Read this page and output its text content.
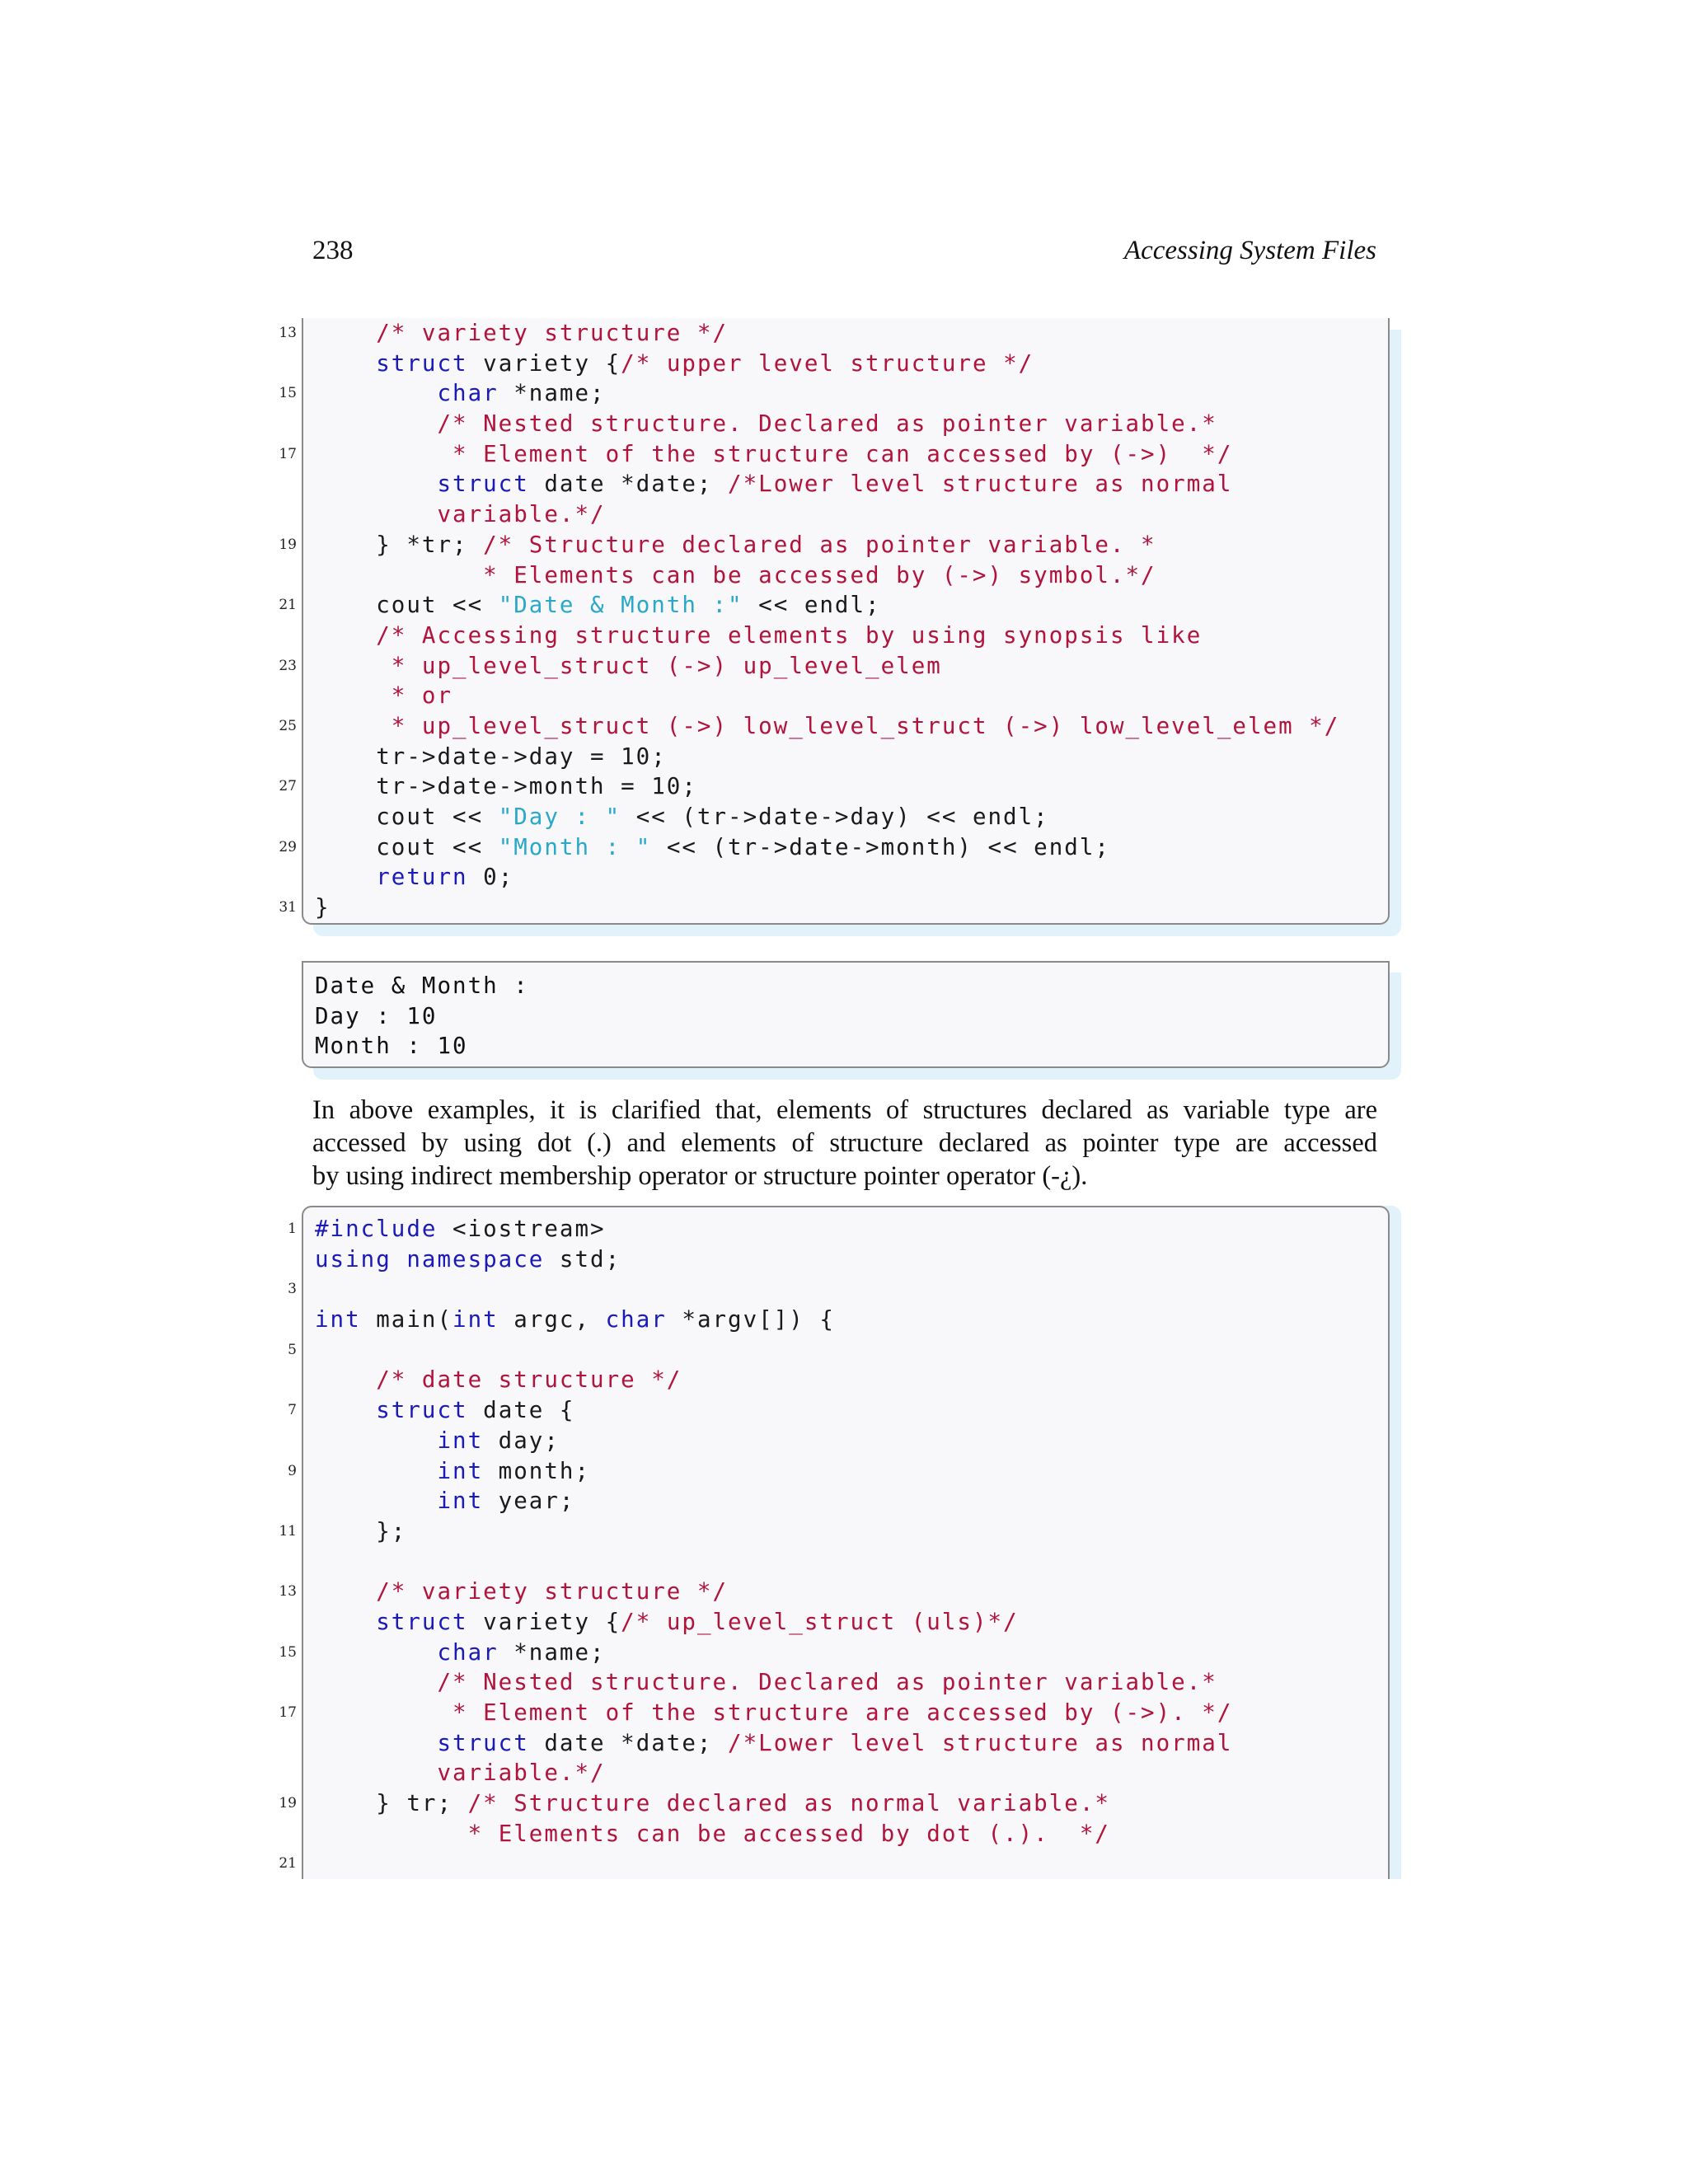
238	Accessing System Files
13	/* variety structure */
struct variety {/* upper level structure */
15	char *name;
/* Nested structure. Declared as pointer variable.*
17	* Element of the structure can accessed by (->)  */
struct date *date; /*Lower level structure as normal
variable.*/
19 } *tr; /* Structure declared as pointer variable. *
* Elements can be accessed by (->) symbol.*/
21 cout << "Date & Month :" << endl;
/* Accessing structure elements by using synopsis like
23	* up_level_struct (->) up_level_elem
* or
25	* up_level_struct (->) low_level_struct (->) low_level_elem */
tr->date->day = 10;
27 tr->date->month = 10;
cout << "Day : " << (tr->date->day) << endl;
29 cout << "Month : " << (tr->date->month) << endl;
return 0;
31 }
Date & Month :
Day : 10
Month : 10
In above examples, it is clarified that, elements of structures declared as variable type are
accessed by using dot (.) and elements of structure declared as pointer type are accessed
by using indirect membership operator or structure pointer operator (-¿).
1 #include <iostream>
using namespace std;
3
int main(int argc, char *argv[]) {
5
/* date structure */
7	struct date {
int day;
9	int month;
int year;
11 };
13	/* variety structure */
struct variety {/* up_level_struct (uls)*/
15	char *name;
/* Nested structure. Declared as pointer variable.*
17	* Element of the structure are accessed by (->). */
struct date *date; /*Lower level structure as normal
variable.*/
19 } tr; /* Structure declared as normal variable.*
* Elements can be accessed by dot (.).  */
21
